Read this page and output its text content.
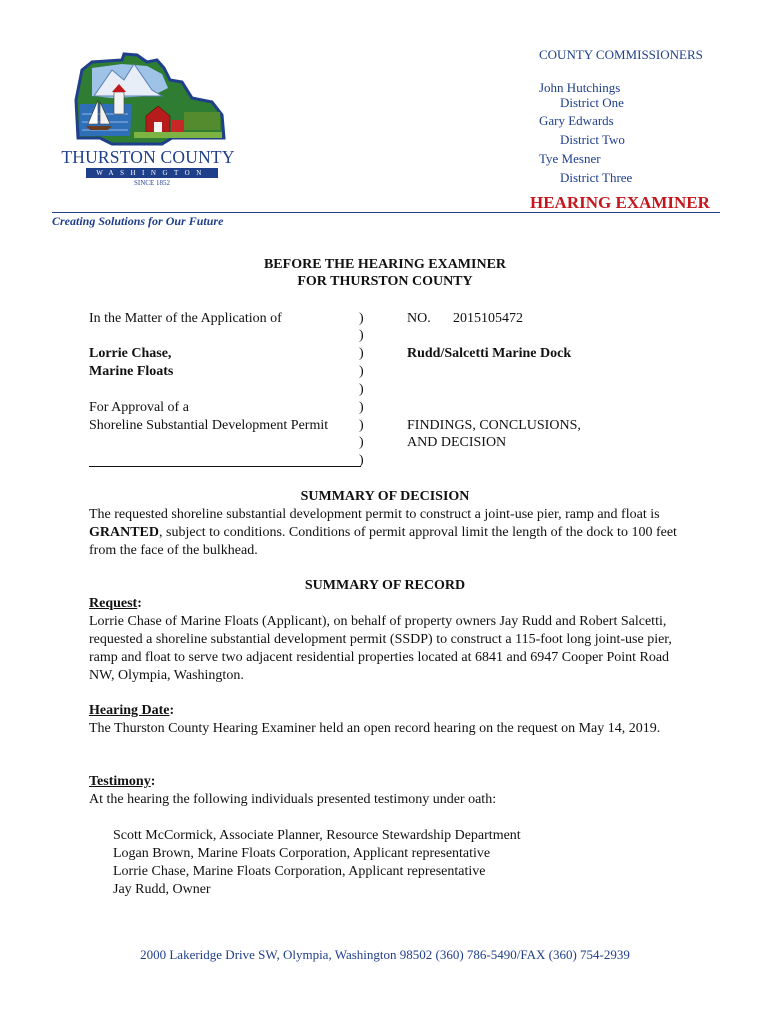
THURSTON COUNTY
WASHINGTON
SINCE 1852
COUNTY COMMISSIONERS
John Hutchings
District One
Gary Edwards
District Two
Tye Mesner
District Three
HEARING EXAMINER
Creating Solutions for Our Future
BEFORE THE HEARING EXAMINER
FOR THURSTON COUNTY
In the Matter of the Application of
Lorrie Chase,
Marine Floats
For Approval of a
Shoreline Substantial Development Permit
)
)
)
)
)
)
)
)
)
NO. 2015105472
Rudd/Salcetti Marine Dock
FINDINGS, CONCLUSIONS,
AND DECISION
SUMMARY OF DECISION
The requested shoreline substantial development permit to construct a joint-use pier, ramp and float is GRANTED, subject to conditions. Conditions of permit approval limit the length of the dock to 100 feet from the face of the bulkhead.
SUMMARY OF RECORD
Request:
Lorrie Chase of Marine Floats (Applicant), on behalf of property owners Jay Rudd and Robert Salcetti, requested a shoreline substantial development permit (SSDP) to construct a 115-foot long joint-use pier, ramp and float to serve two adjacent residential properties located at 6841 and 6947 Cooper Point Road NW, Olympia, Washington.
Hearing Date:
The Thurston County Hearing Examiner held an open record hearing on the request on May 14, 2019.
Testimony:
At the hearing the following individuals presented testimony under oath:
Scott McCormick, Associate Planner, Resource Stewardship Department
Logan Brown, Marine Floats Corporation, Applicant representative
Lorrie Chase, Marine Floats Corporation, Applicant representative
Jay Rudd, Owner
2000 Lakeridge Drive SW, Olympia, Washington 98502 (360) 786-5490/FAX (360) 754-2939
